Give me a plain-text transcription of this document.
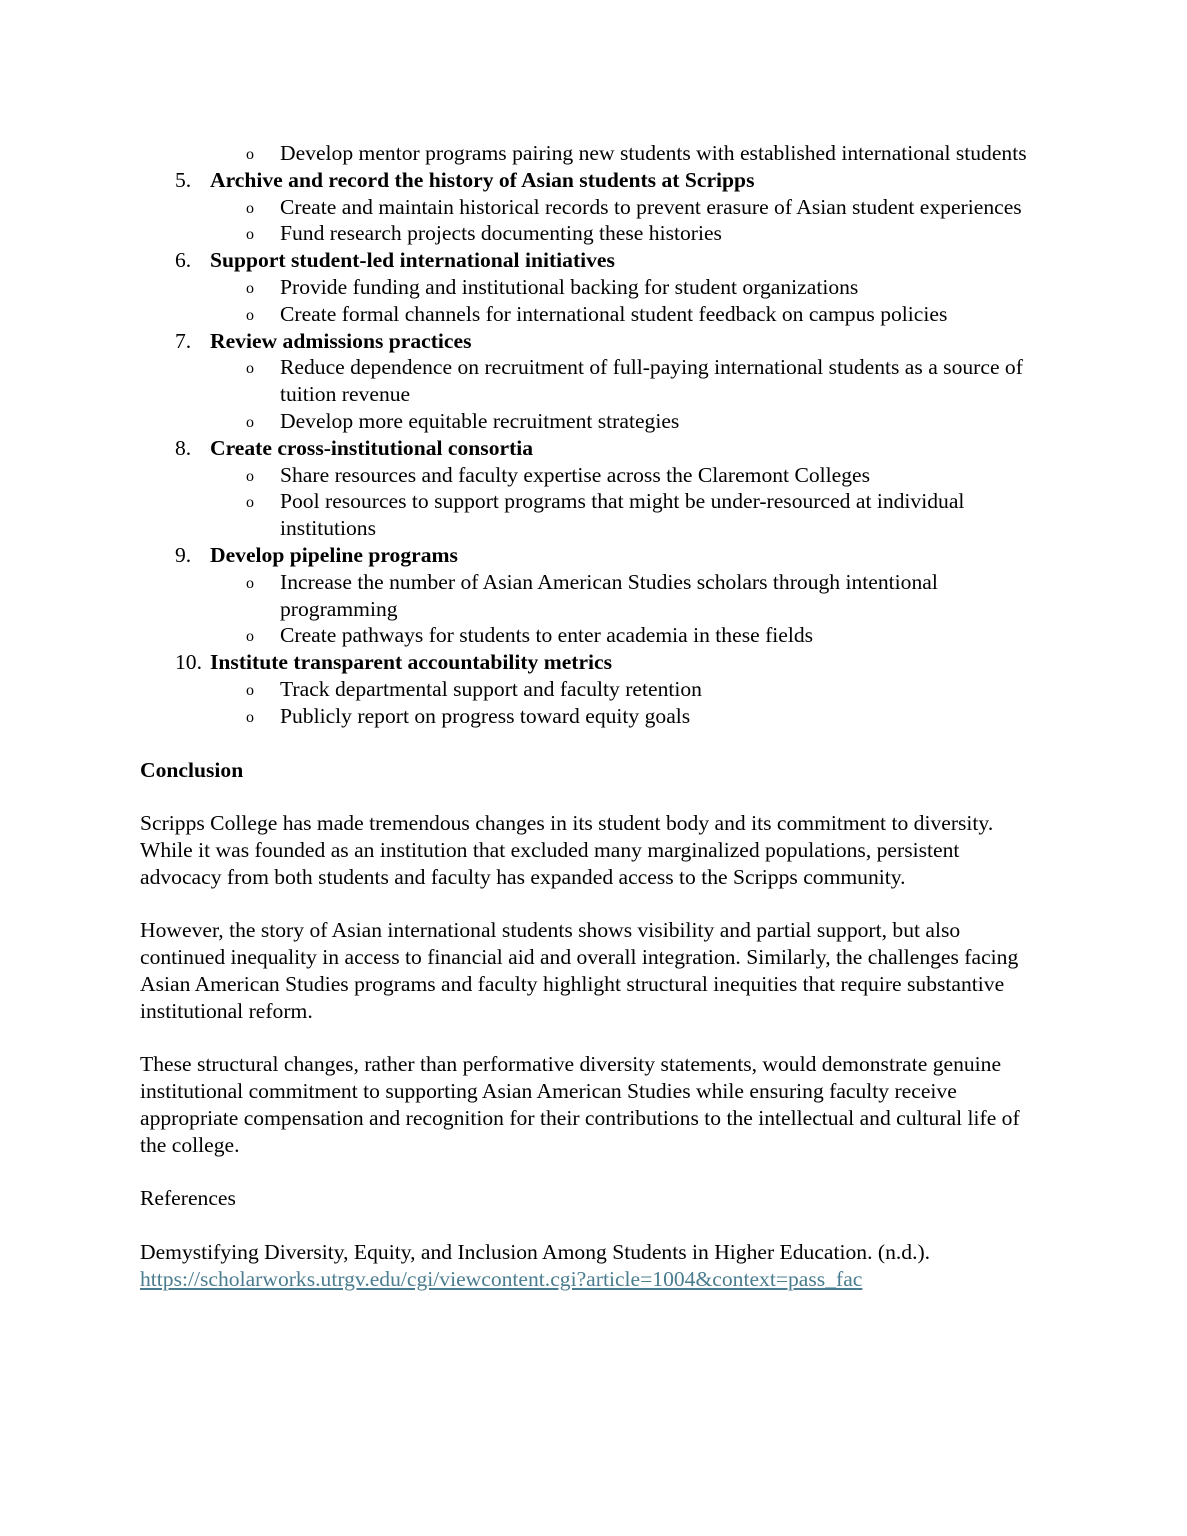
o Develop mentor programs pairing new students with established international students
5. Archive and record the history of Asian students at Scripps
o Create and maintain historical records to prevent erasure of Asian student experiences
o Fund research projects documenting these histories
6. Support student-led international initiatives
o Provide funding and institutional backing for student organizations
o Create formal channels for international student feedback on campus policies
7. Review admissions practices
o Reduce dependence on recruitment of full-paying international students as a source of tuition revenue
o Develop more equitable recruitment strategies
8. Create cross-institutional consortia
o Share resources and faculty expertise across the Claremont Colleges
o Pool resources to support programs that might be under-resourced at individual institutions
9. Develop pipeline programs
o Increase the number of Asian American Studies scholars through intentional programming
o Create pathways for students to enter academia in these fields
10. Institute transparent accountability metrics
o Track departmental support and faculty retention
o Publicly report on progress toward equity goals
Conclusion

Scripps College has made tremendous changes in its student body and its commitment to diversity. While it was founded as an institution that excluded many marginalized populations, persistent advocacy from both students and faculty has expanded access to the Scripps community.

However, the story of Asian international students shows visibility and partial support, but also continued inequality in access to financial aid and overall integration. Similarly, the challenges facing Asian American Studies programs and faculty highlight structural inequities that require substantive institutional reform.

These structural changes, rather than performative diversity statements, would demonstrate genuine institutional commitment to supporting Asian American Studies while ensuring faculty receive appropriate compensation and recognition for their contributions to the intellectual and cultural life of the college.

References

Demystifying Diversity, Equity, and Inclusion Among Students in Higher Education. (n.d.).
https://scholarworks.utrgv.edu/cgi/viewcontent.cgi?article=1004&context=pass_fac
